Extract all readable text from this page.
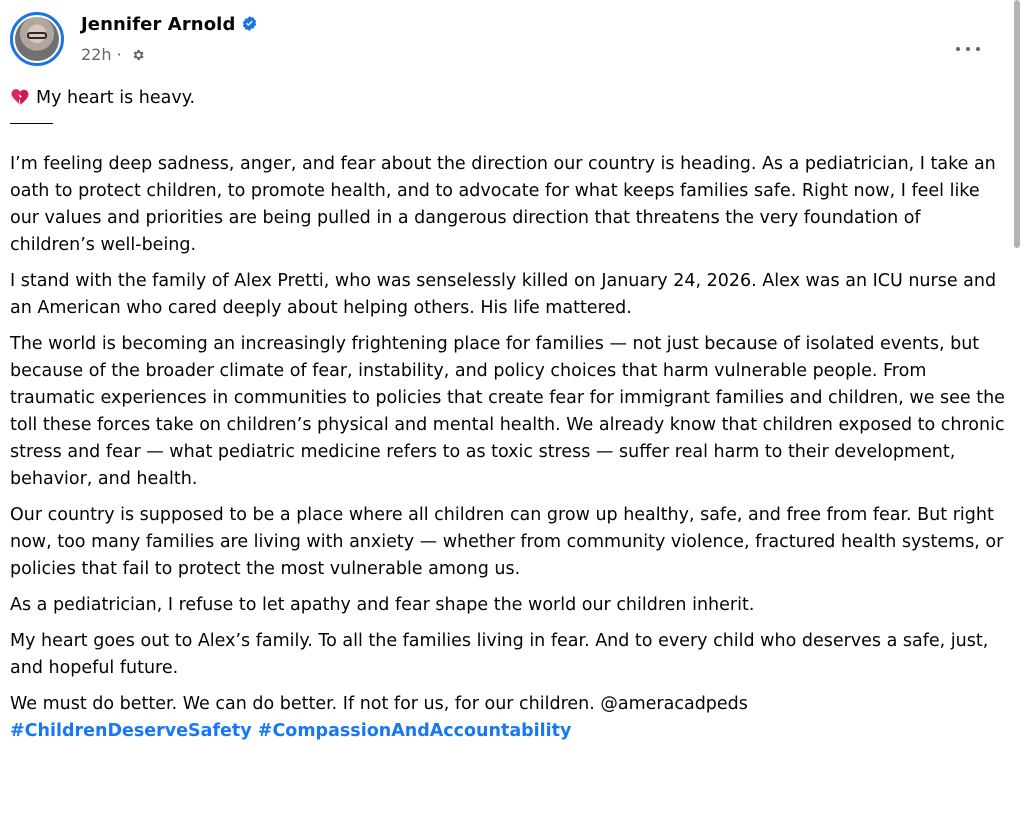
Jennifer Arnold
22h ·

My heart is heavy.

I’m feeling deep sadness, anger, and fear about the direction our country is heading. As a pediatrician, I take an oath to protect children, to promote health, and to advocate for what keeps families safe. Right now, I feel like our values and priorities are being pulled in a dangerous direction that threatens the very foundation of children’s well-being.

I stand with the family of Alex Pretti, who was senselessly killed on January 24, 2026. Alex was an ICU nurse and an American who cared deeply about helping others. His life mattered.

The world is becoming an increasingly frightening place for families — not just because of isolated events, but because of the broader climate of fear, instability, and policy choices that harm vulnerable people. From traumatic experiences in communities to policies that create fear for immigrant families and children, we see the toll these forces take on children’s physical and mental health. We already know that children exposed to chronic stress and fear — what pediatric medicine refers to as toxic stress — suffer real harm to their development, behavior, and health.

Our country is supposed to be a place where all children can grow up healthy, safe, and free from fear. But right now, too many families are living with anxiety — whether from community violence, fractured health systems, or policies that fail to protect the most vulnerable among us.

As a pediatrician, I refuse to let apathy and fear shape the world our children inherit.

My heart goes out to Alex’s family. To all the families living in fear. And to every child who deserves a safe, just, and hopeful future.

We must do better. We can do better. If not for us, for our children. @ameracadpeds

#ChildrenDeserveSafety #CompassionAndAccountability
